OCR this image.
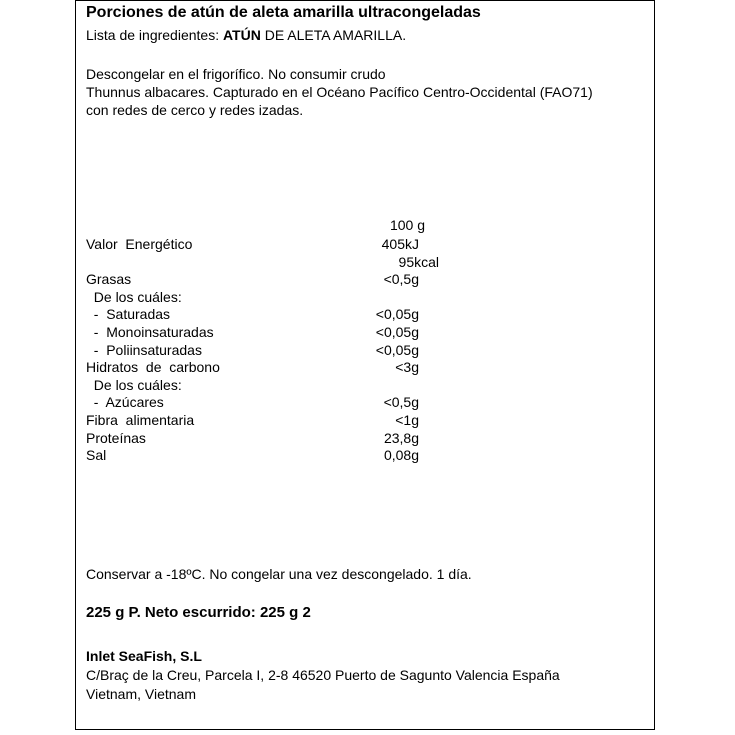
Porciones de atún de aleta amarilla ultracongeladas
Lista de ingredientes: ATÚN DE ALETA AMARILLA.
Descongelar en el frigorífico. No consumir crudo
Thunnus albacares. Capturado en el Océano Pacífico Centro-Occidental (FAO71)
con redes de cerco y redes izadas.
100 g
Valor  Energético	405kJ
95kcal
Grasas	<0,5g
De los cuáles:
-  Saturadas	<0,05g
-  Monoinsaturadas	<0,05g
-  Poliinsaturadas	<0,05g
Hidratos  de  carbono	<3g
De los cuáles:
-  Azúcares	<0,5g
Fibra  alimentaria	<1g
Proteínas	23,8g
Sal	0,08g
Conservar a -18ºC. No congelar una vez descongelado. 1 día.
225 g P. Neto escurrido: 225 g 2
Inlet SeaFish, S.L
C/Braç de la Creu, Parcela I, 2-8 46520 Puerto de Sagunto Valencia España
Vietnam, Vietnam
